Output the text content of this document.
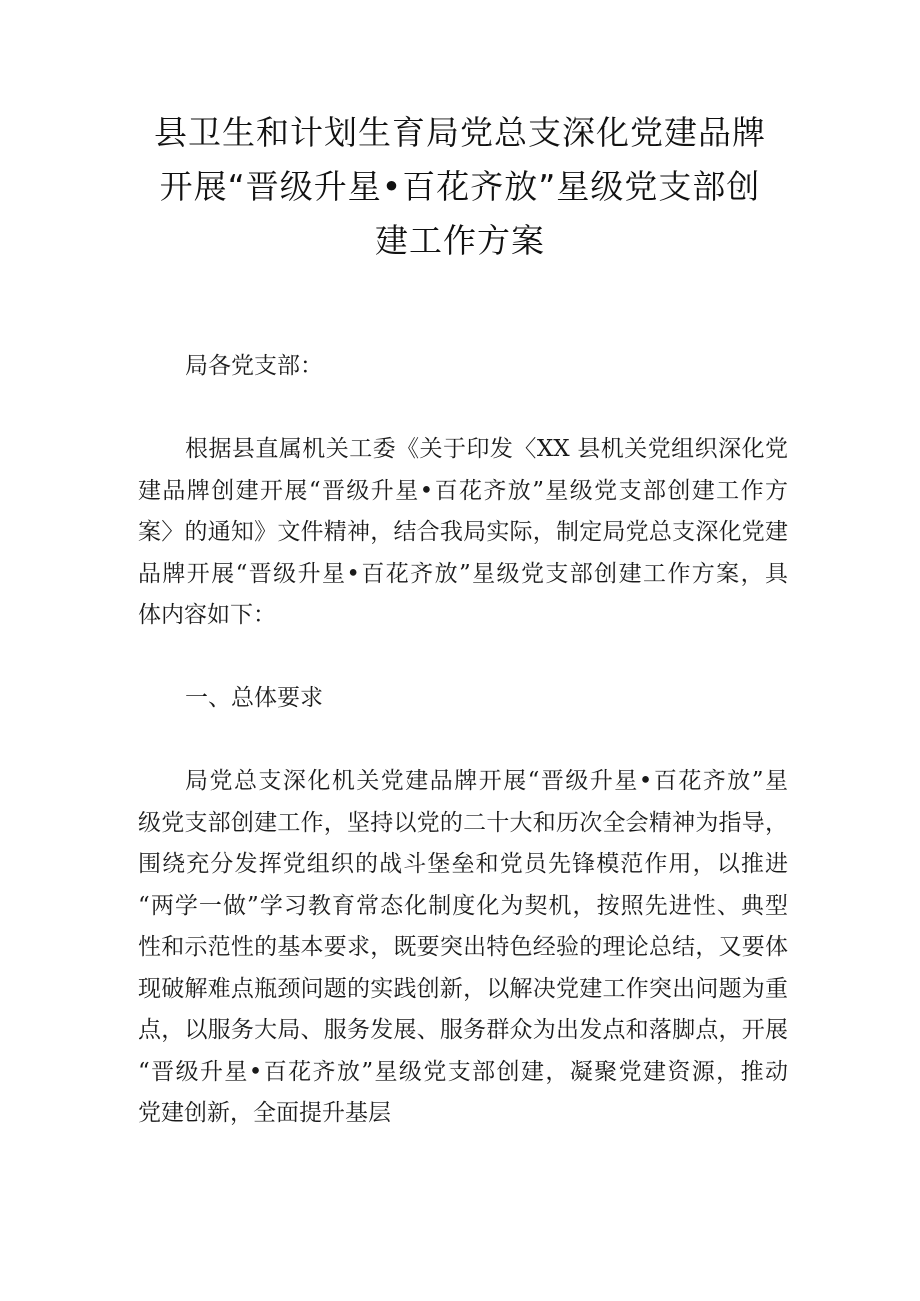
县卫生和计划生育局党总支深化党建品牌
开展“晋级升星•百花齐放”星级党支部创
建工作方案
局各党支部：
根据县直属机关工委《关于印发〈XX 县机关党组织深化党
建品牌创建开展“晋级升星•百花齐放”星级党支部创建工作方
案〉的通知》文件精神，结合我局实际，制定局党总支深化党建
品牌开展“晋级升星•百花齐放”星级党支部创建工作方案，具
体内容如下：
一、总体要求
局党总支深化机关党建品牌开展“晋级升星•百花齐放”星
级党支部创建工作，坚持以党的二十大和历次全会精神为指导，
围绕充分发挥党组织的战斗堡垒和党员先锋模范作用，以推进
“两学一做”学习教育常态化制度化为契机，按照先进性、典型
性和示范性的基本要求，既要突出特色经验的理论总结，又要体
现破解难点瓶颈问题的实践创新，以解决党建工作突出问题为重
点，以服务大局、服务发展、服务群众为出发点和落脚点，开展
“晋级升星•百花齐放”星级党支部创建，凝聚党建资源，推动
党建创新，全面提升基层
